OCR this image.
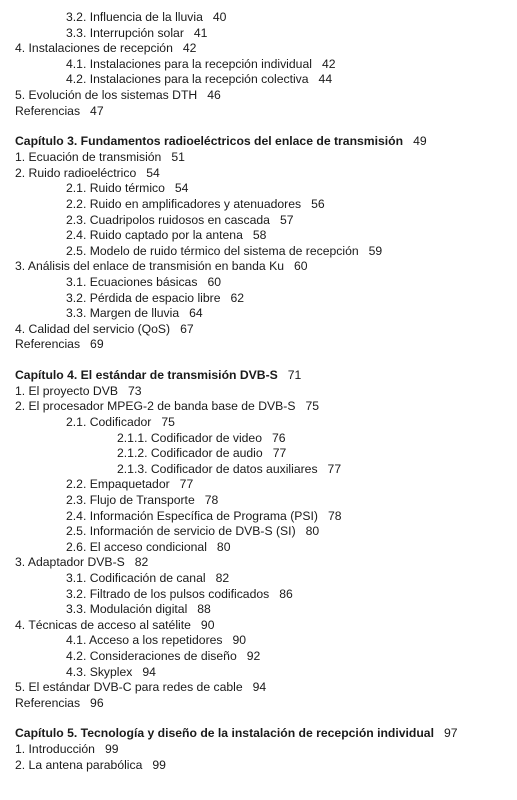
3.2. Influencia de la lluvia 40
3.3. Interrupción solar 41
4. Instalaciones de recepción 42
4.1. Instalaciones para la recepción individual 42
4.2. Instalaciones para la recepción colectiva 44
5. Evolución de los sistemas DTH 46
Referencias 47
Capítulo 3. Fundamentos radioeléctricos del enlace de transmisión 49
1. Ecuación de transmisión 51
2. Ruido radioeléctrico 54
2.1. Ruido térmico 54
2.2. Ruido en amplificadores y atenuadores 56
2.3. Cuadripolos ruidosos en cascada 57
2.4. Ruido captado por la antena 58
2.5. Modelo de ruido térmico del sistema de recepción 59
3. Análisis del enlace de transmisión en banda Ku 60
3.1. Ecuaciones básicas 60
3.2. Pérdida de espacio libre 62
3.3. Margen de lluvia 64
4. Calidad del servicio (QoS) 67
Referencias 69
Capítulo 4. El estándar de transmisión DVB-S 71
1. El proyecto DVB 73
2. El procesador MPEG-2 de banda base de DVB-S 75
2.1. Codificador 75
2.1.1. Codificador de video 76
2.1.2. Codificador de audio 77
2.1.3. Codificador de datos auxiliares 77
2.2. Empaquetador 77
2.3. Flujo de Transporte 78
2.4. Información Específica de Programa (PSI) 78
2.5. Información de servicio de DVB-S (SI) 80
2.6. El acceso condicional 80
3. Adaptador DVB-S 82
3.1. Codificación de canal 82
3.2. Filtrado de los pulsos codificados 86
3.3. Modulación digital 88
4. Técnicas de acceso al satélite 90
4.1. Acceso a los repetidores 90
4.2. Consideraciones de diseño 92
4.3. Skyplex 94
5. El estándar DVB-C para redes de cable 94
Referencias 96
Capítulo 5. Tecnología y diseño de la instalación de recepción individual 97
1. Introducción 99
2. La antena parabólica 99
